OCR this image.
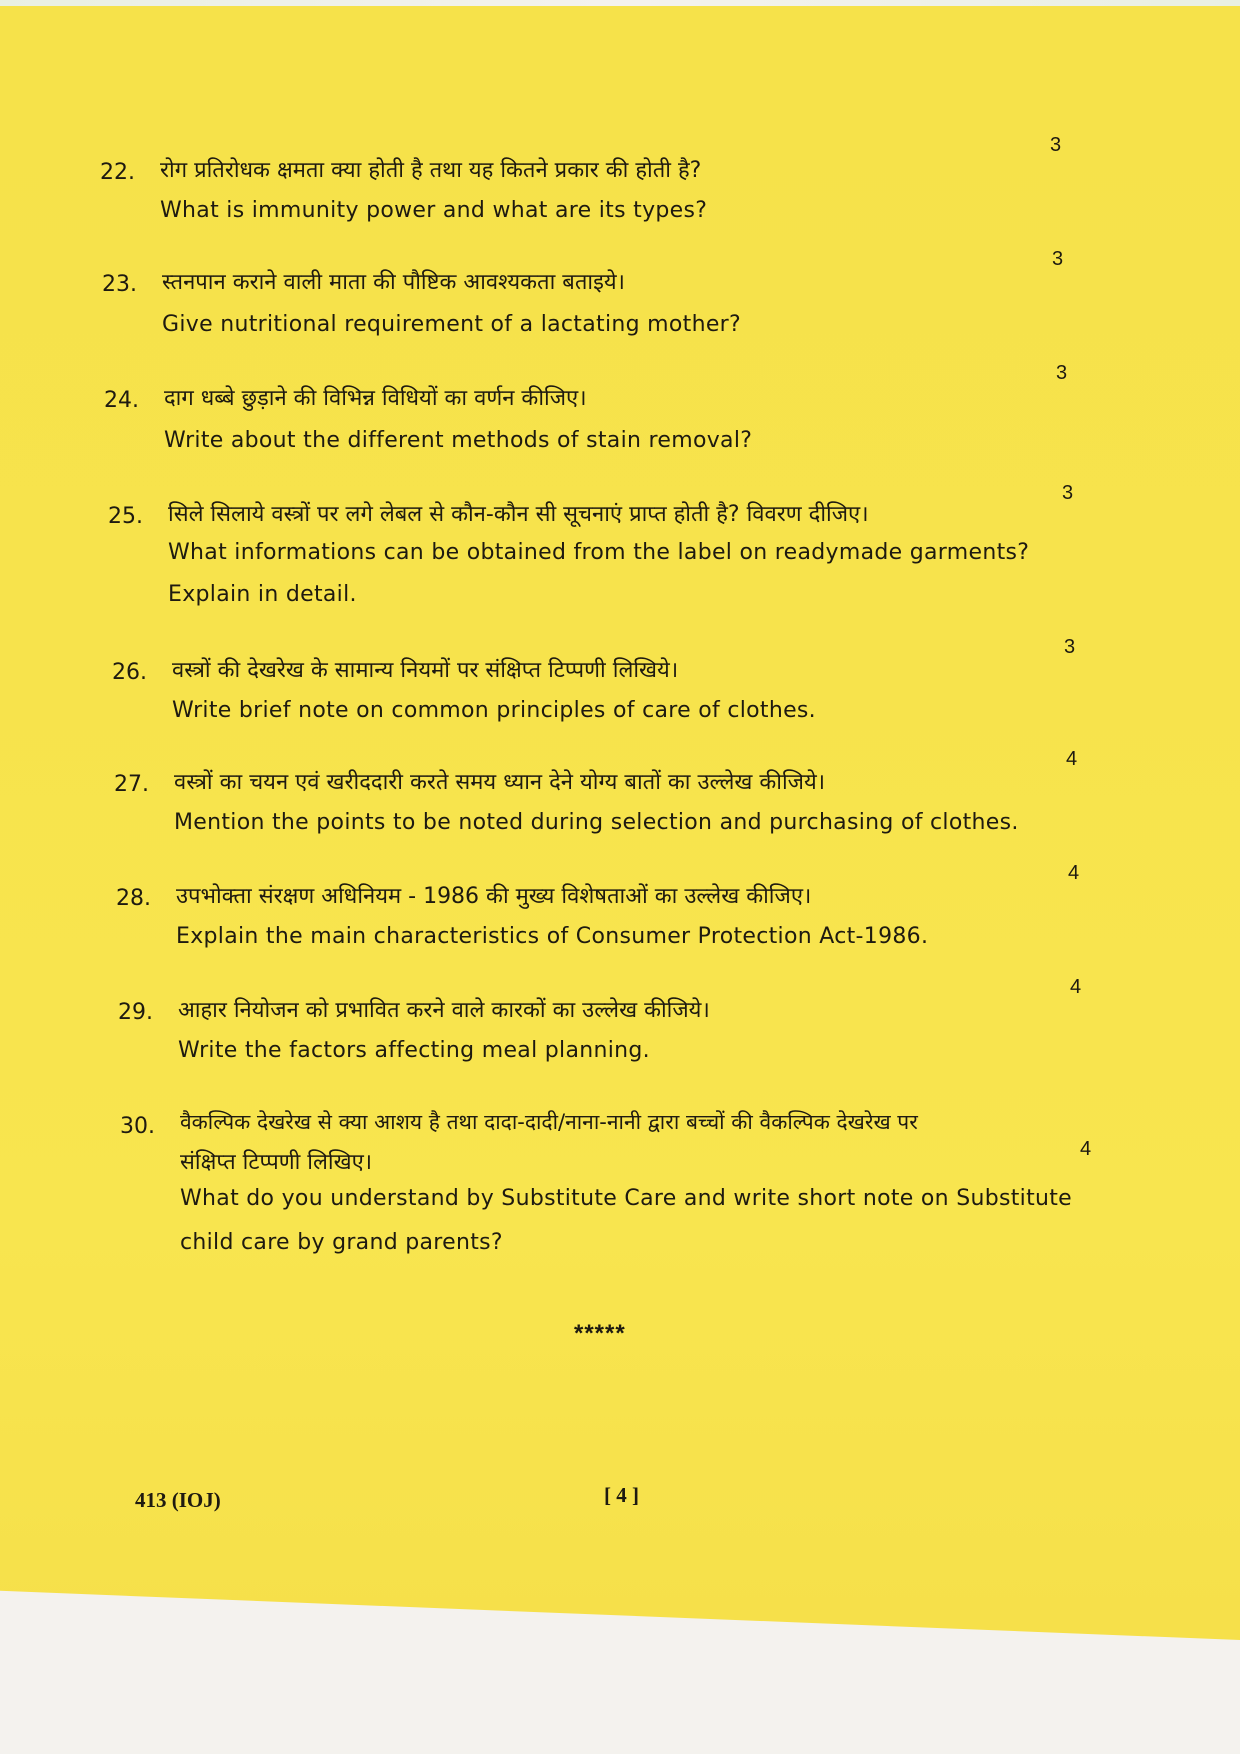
22. रोग प्रतिरोधक क्षमता क्या होती है तथा यह कितने प्रकार की होती है?
What is immunity power and what are its types?
3
23. स्तनपान कराने वाली माता की पौष्टिक आवश्यकता बताइये।
Give nutritional requirement of a lactating mother?
3
24. दाग धब्बे छुड़ाने की विभिन्न विधियों का वर्णन कीजिए।
Write about the different methods of stain removal?
3
25. सिले सिलाये वस्त्रों पर लगे लेबल से कौन-कौन सी सूचनाएं प्राप्त होती है? विवरण दीजिए।
What informations can be obtained from the label on readymade garments?
Explain in detail.
3
26. वस्त्रों की देखरेख के सामान्य नियमों पर संक्षिप्त टिप्पणी लिखिये।
Write brief note on common principles of care of clothes.
3
27. वस्त्रों का चयन एवं खरीददारी करते समय ध्यान देने योग्य बातों का उल्लेख कीजिये।
Mention the points to be noted during selection and purchasing of clothes.
4
28. उपभोक्ता संरक्षण अधिनियम - 1986 की मुख्य विशेषताओं का उल्लेख कीजिए।
Explain the main characteristics of Consumer Protection Act-1986.
4
29. आहार नियोजन को प्रभावित करने वाले कारकों का उल्लेख कीजिये।
Write the factors affecting meal planning.
4
30. वैकल्पिक देखरेख से क्या आशय है तथा दादा-दादी/नाना-नानी द्वारा बच्चों की वैकल्पिक देखरेख पर
संक्षिप्त टिप्पणी लिखिए।
What do you understand by Substitute Care and write short note on Substitute
child care by grand parents?
4
*****
413 (IOJ)	[ 4 ]
